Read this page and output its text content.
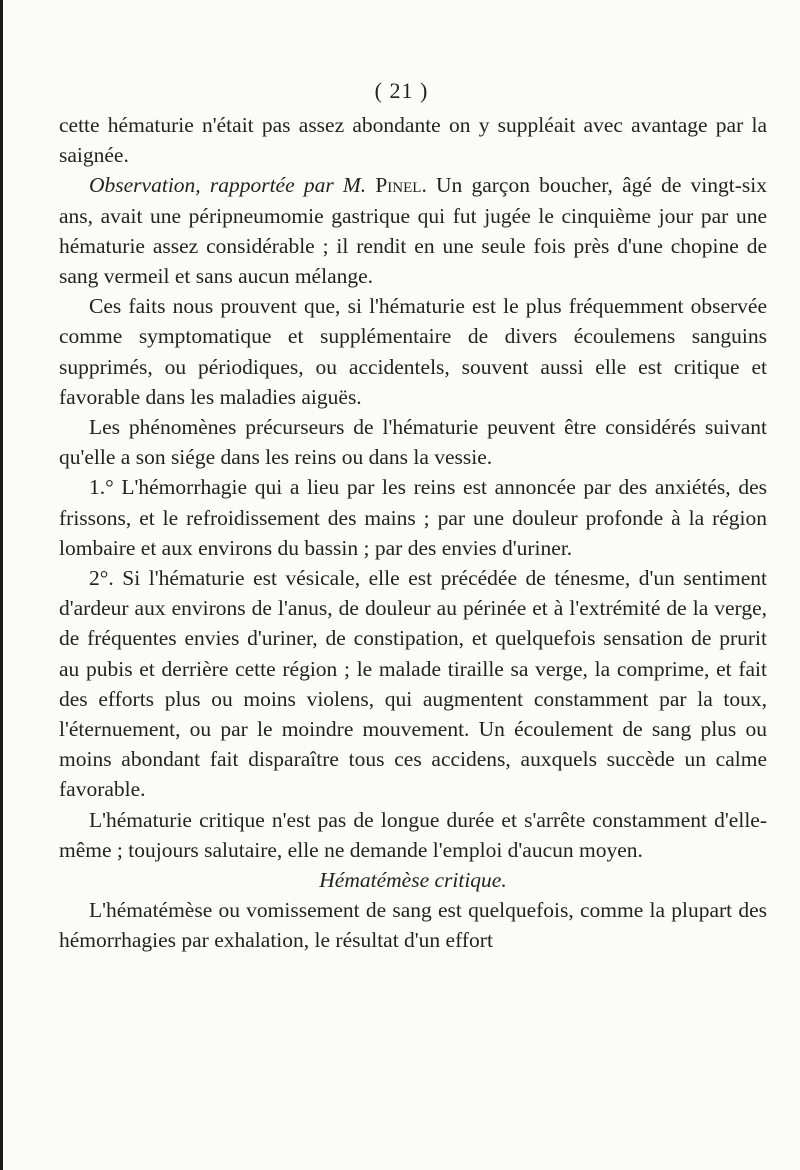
( 21 )

cette hématurie n'était pas assez abondante on y suppléait avec avantage par la saignée.

Observation, rapportée par M. Pinel. Un garçon boucher, âgé de vingt-six ans, avait une péripneumomie gastrique qui fut jugée le cinquième jour par une hématurie assez considérable ; il rendit en une seule fois près d'une chopine de sang vermeil et sans aucun mélange.

Ces faits nous prouvent que, si l'hématurie est le plus fréquemment observée comme symptomatique et supplémentaire de divers écoulemens sanguins supprimés, ou périodiques, ou accidentels, souvent aussi elle est critique et favorable dans les maladies aiguës.

Les phénomènes précurseurs de l'hématurie peuvent être considérés suivant qu'elle a son siége dans les reins ou dans la vessie.

1.° L'hémorrhagie qui a lieu par les reins est annoncée par des anxiétés, des frissons, et le refroidissement des mains ; par une douleur profonde à la région lombaire et aux environs du bassin ; par des envies d'uriner.

2°. Si l'hématurie est vésicale, elle est précédée de ténesme, d'un sentiment d'ardeur aux environs de l'anus, de douleur au périnée et à l'extrémité de la verge, de fréquentes envies d'uriner, de constipation, et quelquefois sensation de prurit au pubis et derrière cette région ; le malade tiraille sa verge, la comprime, et fait des efforts plus ou moins violens, qui augmentent constamment par la toux, l'éternuement, ou par le moindre mouvement. Un écoulement de sang plus ou moins abondant fait disparaître tous ces accidens, auxquels succède un calme favorable.

L'hématurie critique n'est pas de longue durée et s'arrête constamment d'elle-même ; toujours salutaire, elle ne demande l'emploi d'aucun moyen.

Hématémèse critique.

L'hématémèse ou vomissement de sang est quelquefois, comme la plupart des hémorrhagies par exhalation, le résultat d'un effort
